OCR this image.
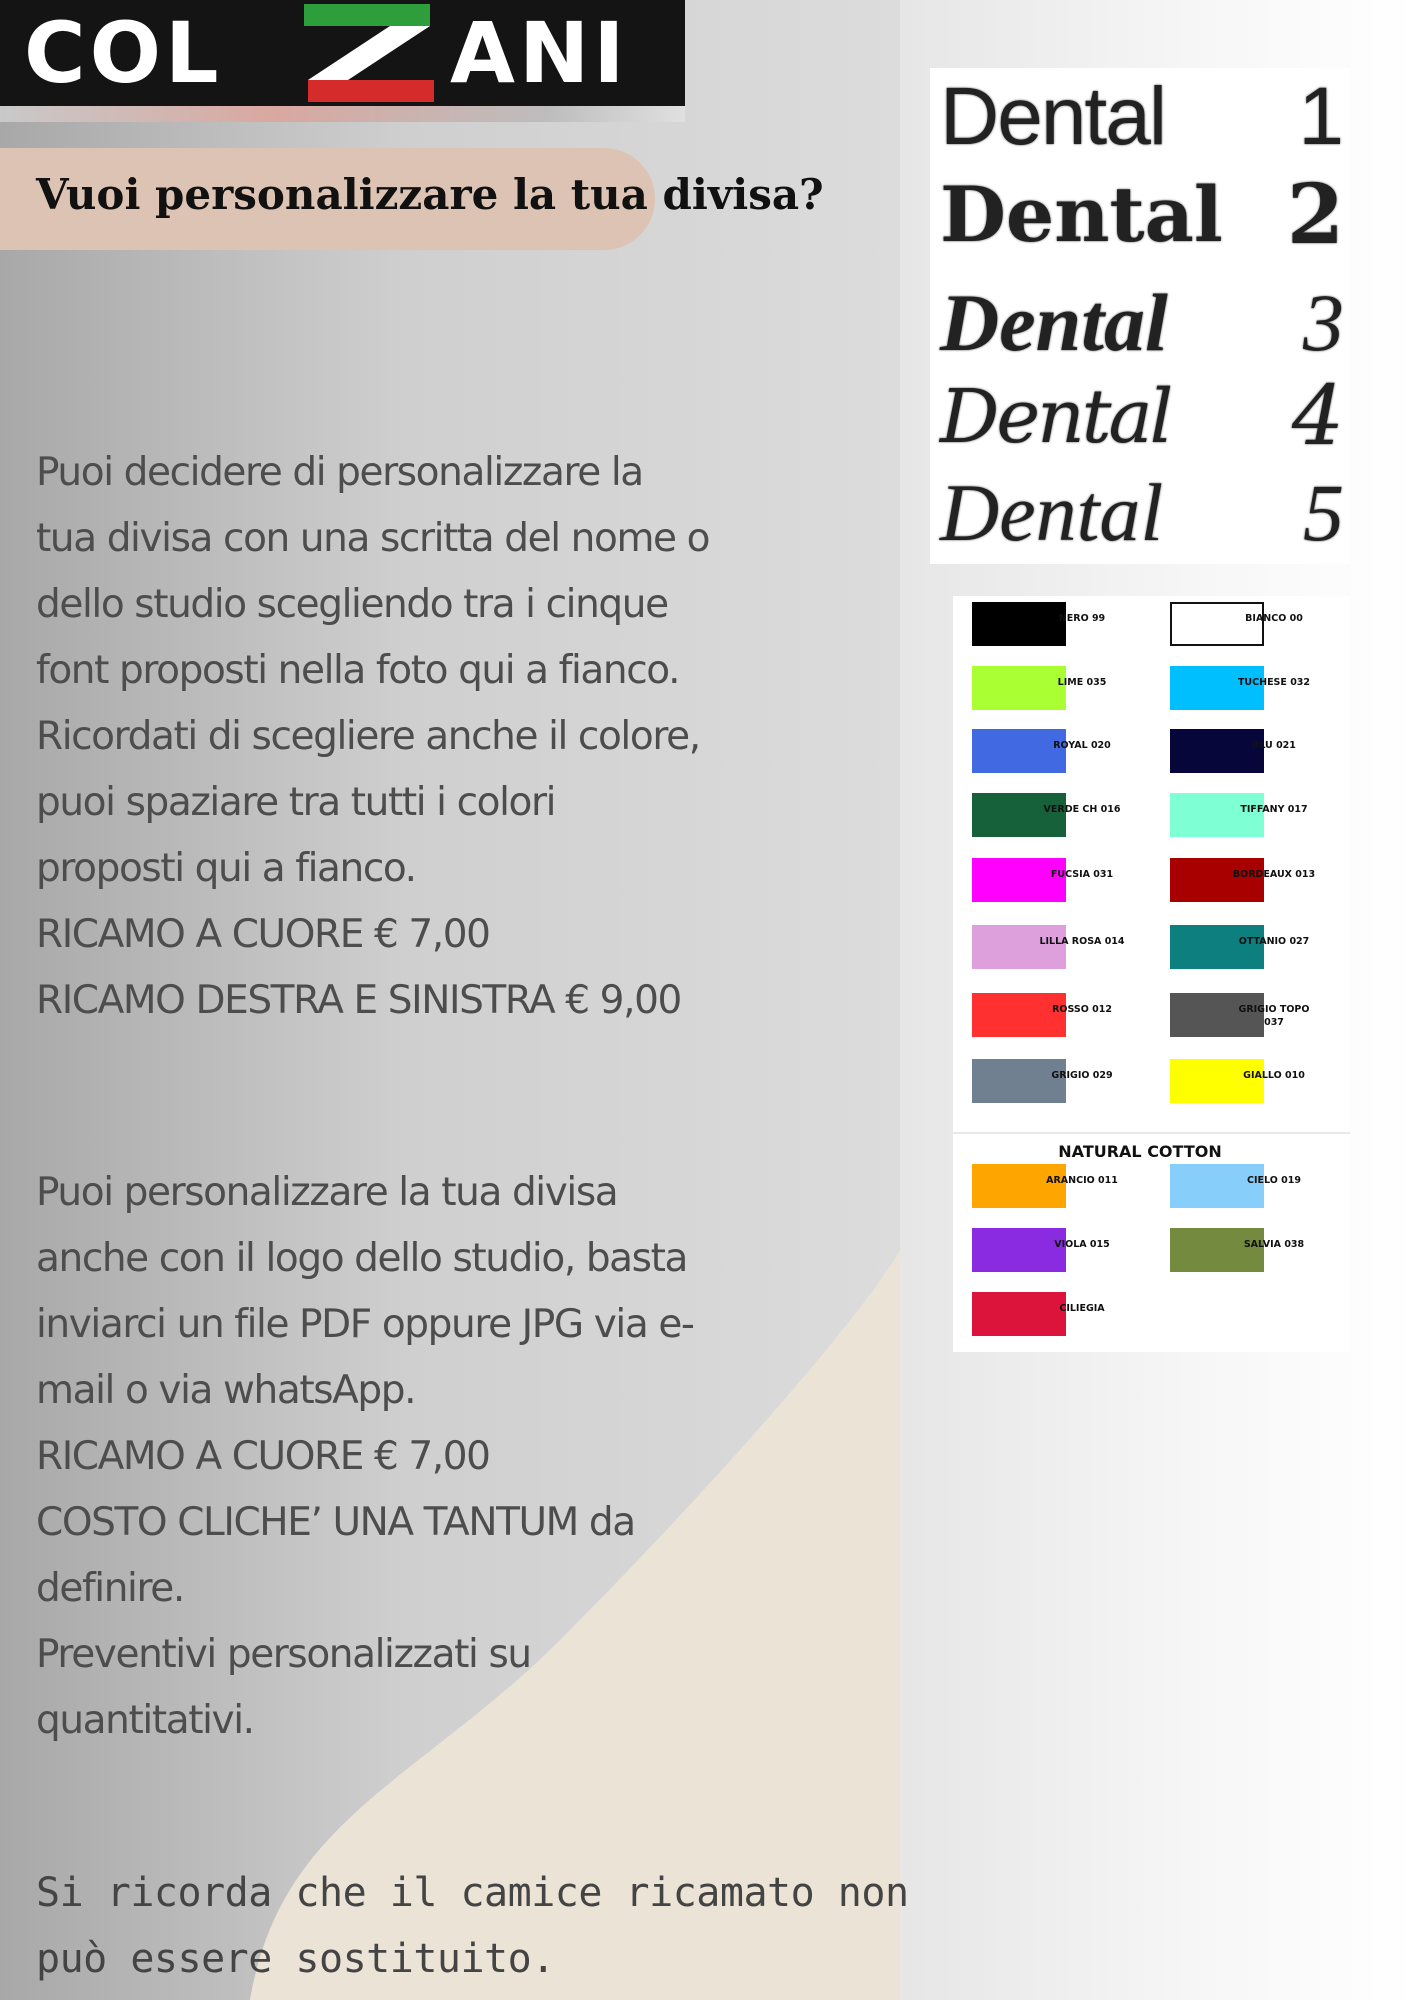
COL	ANI
Vuoi personalizzare la tua divisa?
Puoi decidere di personalizzare la
tua divisa con una scritta del nome o
dello studio scegliendo tra i cinque
font proposti nella foto qui a fianco.
Ricordati di scegliere anche il colore,
puoi spaziare tra tutti i colori
proposti qui a fianco.
RICAMO A CUORE € 7,00
RICAMO DESTRA E SINISTRA € 9,00
Puoi personalizzare la tua divisa
anche con il logo dello studio, basta
inviarci un file PDF oppure JPG via e-
mail o via whatsApp.
RICAMO A CUORE € 7,00
COSTO CLICHE’ UNA TANTUM da
definire.
Preventivi personalizzati su
quantitativi.
Si ricorda che il camice ricamato non
può essere sostituito.
Dental 1
Dental 2
Dental 3
Dental 4
Dental 5
NATURAL COTTON
NERO 99	BIANCO 00
LIME 035	TUCHESE 032
ROYAL 020	BLU 021
VERDE CH 016	TIFFANY 017
FUCSIA 031	BORDEAUX 013
LILLA ROSA 014	OTTANIO 027
ROSSO 012	GRIGIO TOPO 037
GRIGIO 029	GIALLO 010
ARANCIO 011	CIELO 019
VIOLA 015	SALVIA 038
CILIEGIA
